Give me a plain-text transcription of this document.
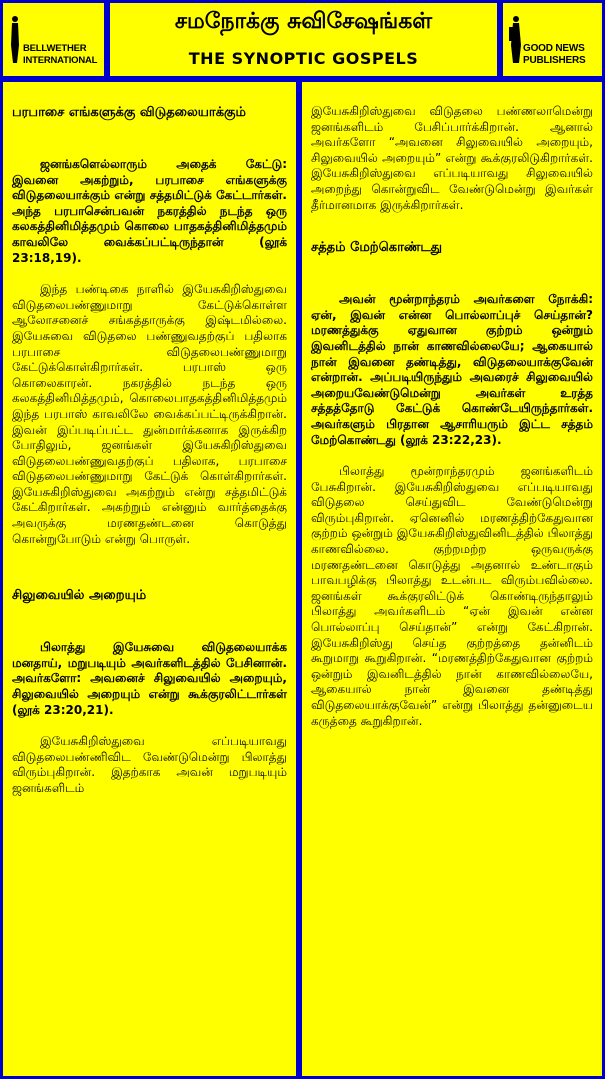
BELLWETHER
INTERNATIONAL
சமநோக்கு சுவிசேஷங்கள்
THE SYNOPTIC GOSPELS
GOOD NEWS
PUBLISHERS

பரபாசை எங்களுக்கு விடுதலையாக்கும்

ஜனங்களெல்லாரும் அதைக் கேட்டு: இவனை அகற்றும், பரபாசை எங்களுக்கு விடுதலையாக்கும் என்று சத்தமிட்டுக் கேட்டார்கள். அந்த பரபாசென்பவன் நகரத்தில் நடந்த ஒரு கலகத்தினிமித்தமும் கொலை பாதகத்தினிமித்தமும் காவலிலே வைக்கப்பட்டிருந்தான் (லூக் 23:18,19).

இந்த பண்டிகை நாளில் இயேசுகிறிஸ்துவை விடுதலைபண்ணுமாறு கேட்டுக்கொள்ள ஆலோசனைச் சங்கத்தாருக்கு இஷ்டமில்லை. இயேசுவை விடுதலை பண்ணுவதற்குப் பதிலாக பரபாசை விடுதலைபண்ணுமாறு கேட்டுக்கொள்கிறார்கள். பரபாஸ் ஒரு கொலைகாரன். நகரத்தில் நடந்த ஒரு கலகத்தினிமித்தமும், கொலைபாதகத்தினிமித்தமும் இந்த பரபாஸ் காவலிலே வைக்கப்பட்டிருக்கிறான். இவன் இப்படிப்பட்ட துன்மார்க்கனாக இருக்கிற போதிலும், ஜனங்கள் இயேசுகிறிஸ்துவை விடுதலைபண்ணுவதற்குப் பதிலாக, பரபாசை விடுதலைபண்ணுமாறு கேட்டுக் கொள்கிறார்கள். இயேசுகிறிஸ்துவை அகற்றும் என்று சத்தமிட்டுக் கேட்கிறார்கள். அகற்றும் என்னும் வார்த்தைக்கு அவருக்கு மரணதண்டனை கொடுத்து கொன்றுபோடும் என்று பொருள்.

சிலுவையில் அறையும்

பிலாத்து இயேசுவை விடுதலையாக்க மனதாய், மறுபடியும் அவர்களிடத்தில் பேசினான். அவர்களோ: அவனைச் சிலுவையில் அறையும், சிலுவையில் அறையும் என்று கூக்குரலிட்டார்கள் (லூக் 23:20,21).

இயேசுகிறிஸ்துவை எப்படியாவது விடுதலைபண்ணிவிட வேண்டுமென்று பிலாத்து விரும்புகிறான். இதற்காக அவன் மறுபடியும் ஜனங்களிடம்

இயேசுகிறிஸ்துவை விடுதலை பண்ணலாமென்று ஜனங்களிடம் பேசிப்பார்க்கிறான். ஆனால் அவர்களோ “அவனை சிலுவையில் அறையும், சிலுவையில் அறையும்” என்று கூக்குரலிடுகிறார்கள். இயேசுகிறிஸ்துவை எப்படியாவது சிலுவையில் அறைந்து கொன்றுவிட வேண்டுமென்று இவர்கள் தீர்மானமாக இருக்கிறார்கள்.

சத்தம் மேற்கொண்டது

அவன் மூன்றாந்தரம் அவர்களை நோக்கி: ஏன், இவன் என்ன பொல்லாப்புச் செய்தான்? மரணத்துக்கு ஏதுவான குற்றம் ஒன்றும் இவனிடத்தில் நான் காணவில்லையே; ஆகையால் நான் இவனை தண்டித்து, விடுதலையாக்குவேன் என்றான். அப்படியிருந்தும் அவரைச் சிலுவையில் அறையவேண்டுமென்று அவர்கள் உரத்த சத்தத்தோடு கேட்டுக் கொண்டேயிருந்தார்கள். அவர்களும் பிரதான ஆசாரியரும் இட்ட சத்தம் மேற்கொண்டது (லூக் 23:22,23).

பிலாத்து மூன்றாந்தரமும் ஜனங்களிடம் பேசுகிறான். இயேசுகிறிஸ்துவை எப்படியாவது விடுதலை செய்துவிட வேண்டுமென்று விரும்புகிறான். ஏனெனில் மரணத்திற்கேதுவான குற்றம் ஒன்றும் இயேசுகிறிஸ்துவினிடத்தில் பிலாத்து காணவில்லை. குற்றமற்ற ஒருவருக்கு மரணதண்டனை கொடுத்து அதனால் உண்டாகும் பாவபழிக்கு பிலாத்து உடன்பட விரும்பவில்லை. ஜனங்கள் கூக்குரலிட்டுக் கொண்டிருந்தாலும் பிலாத்து அவர்களிடம் “ஏன் இவன் என்ன பொல்லாப்பு செய்தான்” என்று கேட்கிறான். இயேசுகிறிஸ்து செய்த குற்றத்தை தன்னிடம் கூறுமாறு கூறுகிறான். “மரணத்திற்கேதுவான குற்றம் ஒன்றும் இவனிடத்தில் நான் காணவில்லையே, ஆகையால் நான் இவனை தண்டித்து விடுதலையாக்குவேன்” என்று பிலாத்து தன்னுடைய கருத்தை கூறுகிறான்.
